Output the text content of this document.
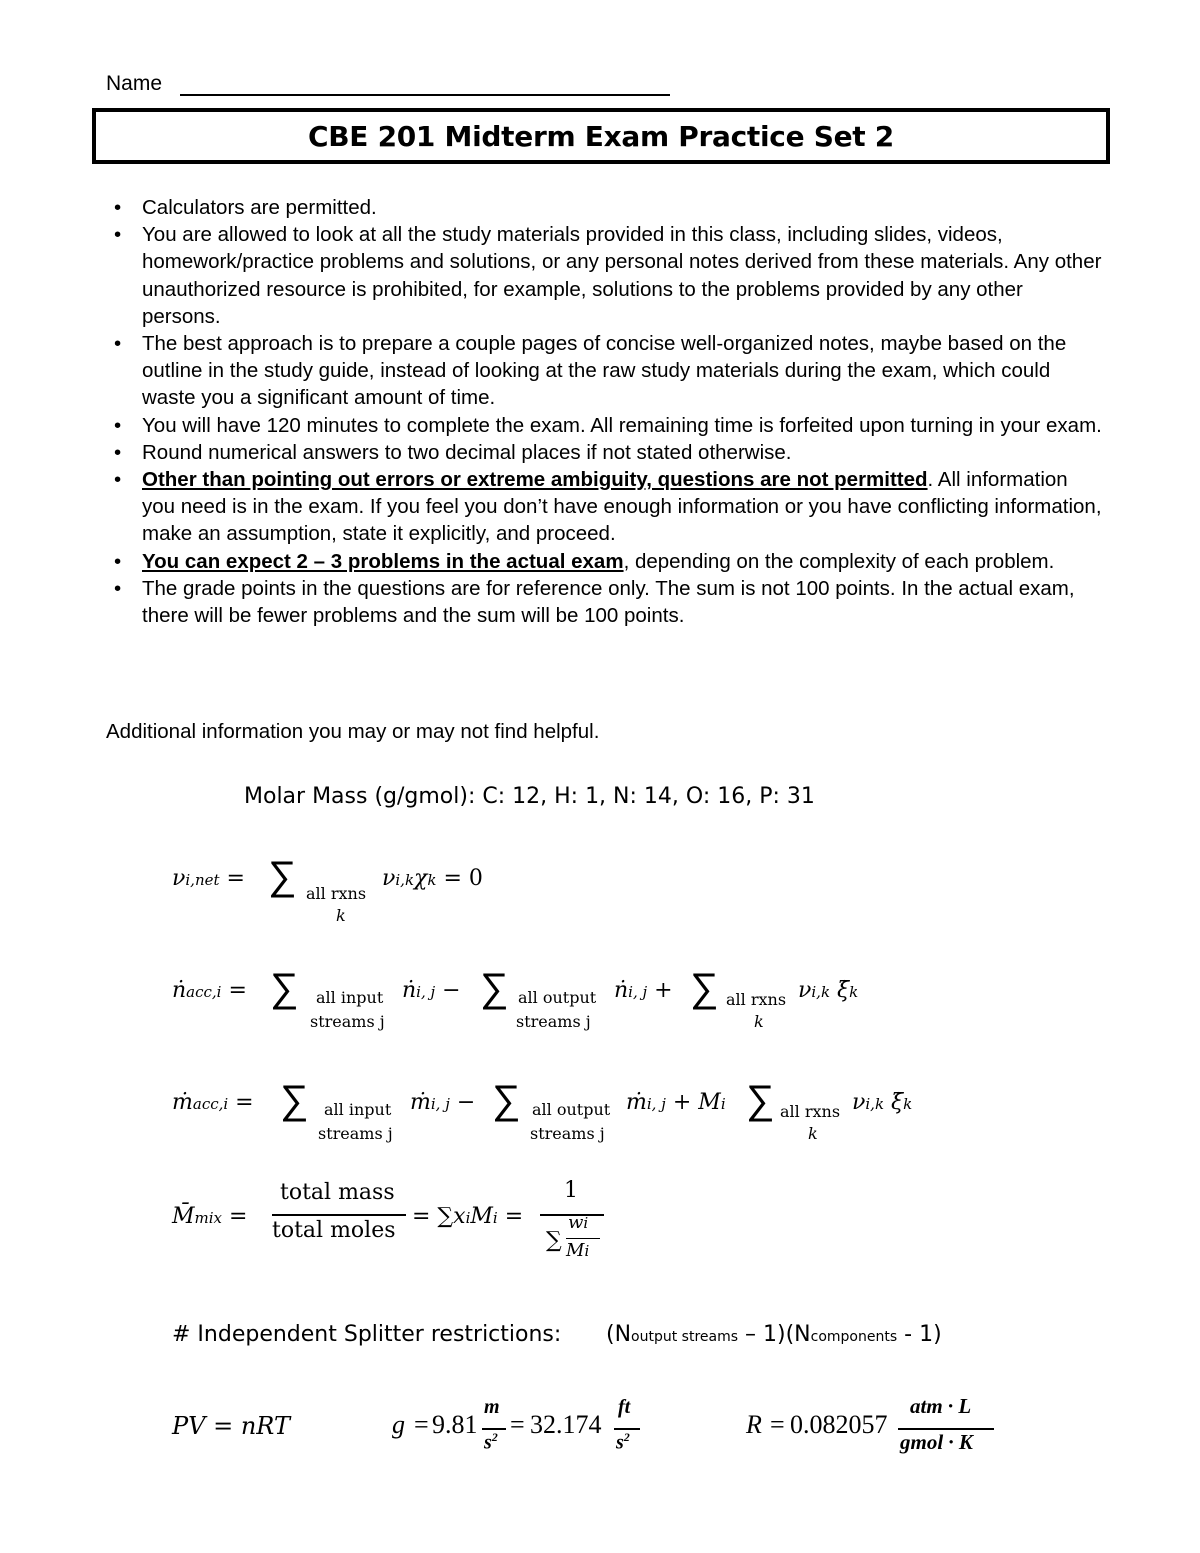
Name
CBE 201 Midterm Exam Practice Set 2
• Calculators are permitted.
• You are allowed to look at all the study materials provided in this class, including slides, videos, homework/practice problems and solutions, or any personal notes derived from these materials. Any other unauthorized resource is prohibited, for example, solutions to the problems provided by any other persons.
• The best approach is to prepare a couple pages of concise well-organized notes, maybe based on the outline in the study guide, instead of looking at the raw study materials during the exam, which could waste you a significant amount of time.
• You will have 120 minutes to complete the exam. All remaining time is forfeited upon turning in your exam.
• Round numerical answers to two decimal places if not stated otherwise.
• Other than pointing out errors or extreme ambiguity, questions are not permitted. All information you need is in the exam. If you feel you don’t have enough information or you have conflicting information, make an assumption, state it explicitly, and proceed.
• You can expect 2 – 3 problems in the actual exam, depending on the complexity of each problem.
• The grade points in the questions are for reference only. The sum is not 100 points. In the actual exam, there will be fewer problems and the sum will be 100 points.
Additional information you may or may not find helpful.
Molar Mass (g/gmol): C: 12, H: 1, N: 14, O: 16, P: 31
νi,net = ∑ all rxns
k
νi,kχk = 0
ṅacc,i = ∑ all input
streams j
ṅi, j − ∑ all output
streams j
ṅi, j + ∑ all rxns
k
νi,k ξ̇k
ṁacc,i = ∑ all input
streams j
ṁi, j − ∑ all output
streams j
ṁi, j + Mi ∑ all rxns
k
νi,k ξ̇k
M̄mix =
total mass
total moles
= ∑xiMi =
1
∑
wi
Mi
# Independent Splitter restrictions: (Noutput streams – 1)(Ncomponents - 1)
PV = nRT	g = 9.81
m
$s^2 = 32.174$
ft
$s^2$	R = 0.082057
atm · L
gmol · K
